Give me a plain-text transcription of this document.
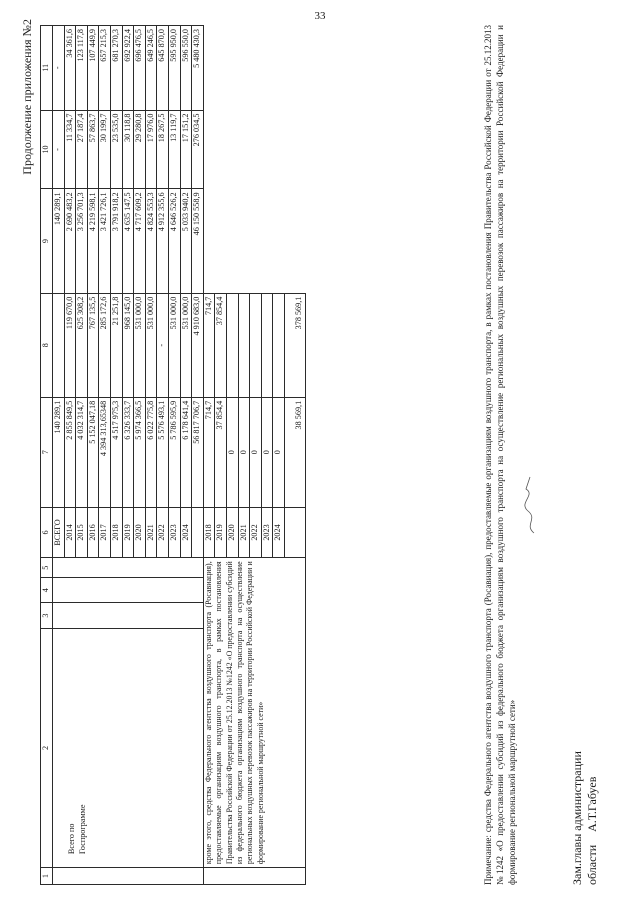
33
Продолжение приложения №2
1	2	3	4	5	6	7	8	9	10	11

	Всего по Госпрограмме				ВСЕГО	140 289,1		140 289,1	-	-
					2014	2 855 849,5	119 670,0	2 690 483,2	11 334,7	34 361,6
					2015	4 032 314,7	625 308,2	3 256 701,3	27 187,4	123 117,8
					2016	5 152 047,18	767 135,5	4 219 598,1	57 863,7	107 449,9
					2017	4 394 313,65348	285 172,6	3 421 726,1	30 199,7	657 215,3
					2018	4 517 975,3	21 251,8	3 791 918,2	23 535,0	681 270,3
					2019	6 326 333,7	968 145,0	4 635 147,5	30 118,8	692 922,4
					2020	5 974 366,5	531 000,0	4 717 609,2	29 280,8	696 476,5
					2021	6 022 775,8	531 000,0	4 824 553,3	17 976,0	649 246,5
					2022	5 576 493,1	-	4 912 355,6	18 267,5	645 870,0
					2023	5 786 595,9	531 000,0	4 646 526,2	13 119,7	595 950,0
					2024	6 178 641,4	531 000,0	5 033 940,2	17 151,2	596 550,0
						56 817 706,7	4 910 683,0	46 150 558,9	276 034,5	5 480 430,3
	кроме этого, средства Федерального агентства воздушного транспорта (Росавиация), предоставляемые организациям воздушного транспорта, в рамках постановления Правительства Российской Федерации от 25.12.2013 №1242 «О предоставлении субсидий из федерального бюджета организациям воздушного транспорта на осуществление региональных воздушных перевозок пассажиров на территории Российской Федерации и формирование региональной маршрутной сети»				2018	714,7	714,7			
					2019	37 854,4	37 854,4			
					2020	0				
					2021	0				
					2022	0				
					2023	0				
					2024	0				
						38 569,1	378 569,1				Примечание: средства Федерального агентства воздушного транспорта (Росавиация), предоставляемые организациям воздушного транспорта, в рамках постановления Правительства Российской Федерации от 25.12.2013 №1242 «О предоставлении субсидий из федерального бюджета организациям воздушного транспорта на осуществление региональных воздушных перевозок пассажиров на территории Российской Федерации и формирование региональной маршрутной сети»	Зам.главы администрации области А.Т.Габуев
